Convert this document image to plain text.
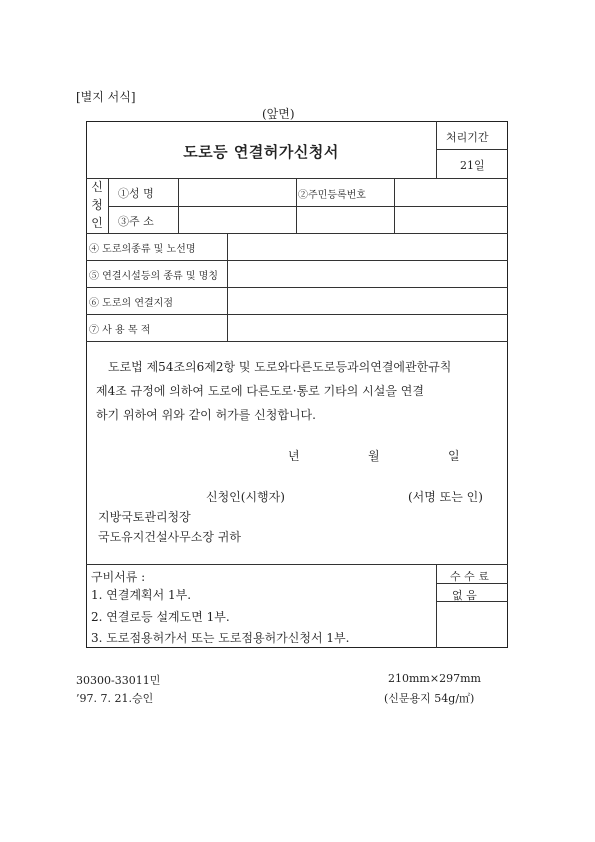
[별지 서식]
(앞면)
도로등 연결허가신청서
처리기간
21일
신
청
인
①성 명	②주민등록번호
③주 소
④ 도로의종류 및 노선명
⑤ 연결시설등의 종류 및 명칭
⑥ 도로의 연결지점
⑦ 사 용 목 적
도로법 제54조의6제2항 및 도로와다른도로등과의연결에관한규칙
제4조 규정에 의하여 도로에 다른도로·통로 기타의 시설을 연결
하기 위하여 위와 같이 허가를 신청합니다.
년	월	일
신청인(시행자)	(서명 또는 인)
지방국토관리청장
국도유지건설사무소장 귀하
구비서류 :
1. 연결계획서 1부.
2. 연결로등 설계도면 1부.
3. 도로점용허가서 또는 도로점용허가신청서 1부.
수 수 료
없 음
30300-33011민
’97. 7. 21.승인
210mm×297mm
(신문용지 54g/㎡)
